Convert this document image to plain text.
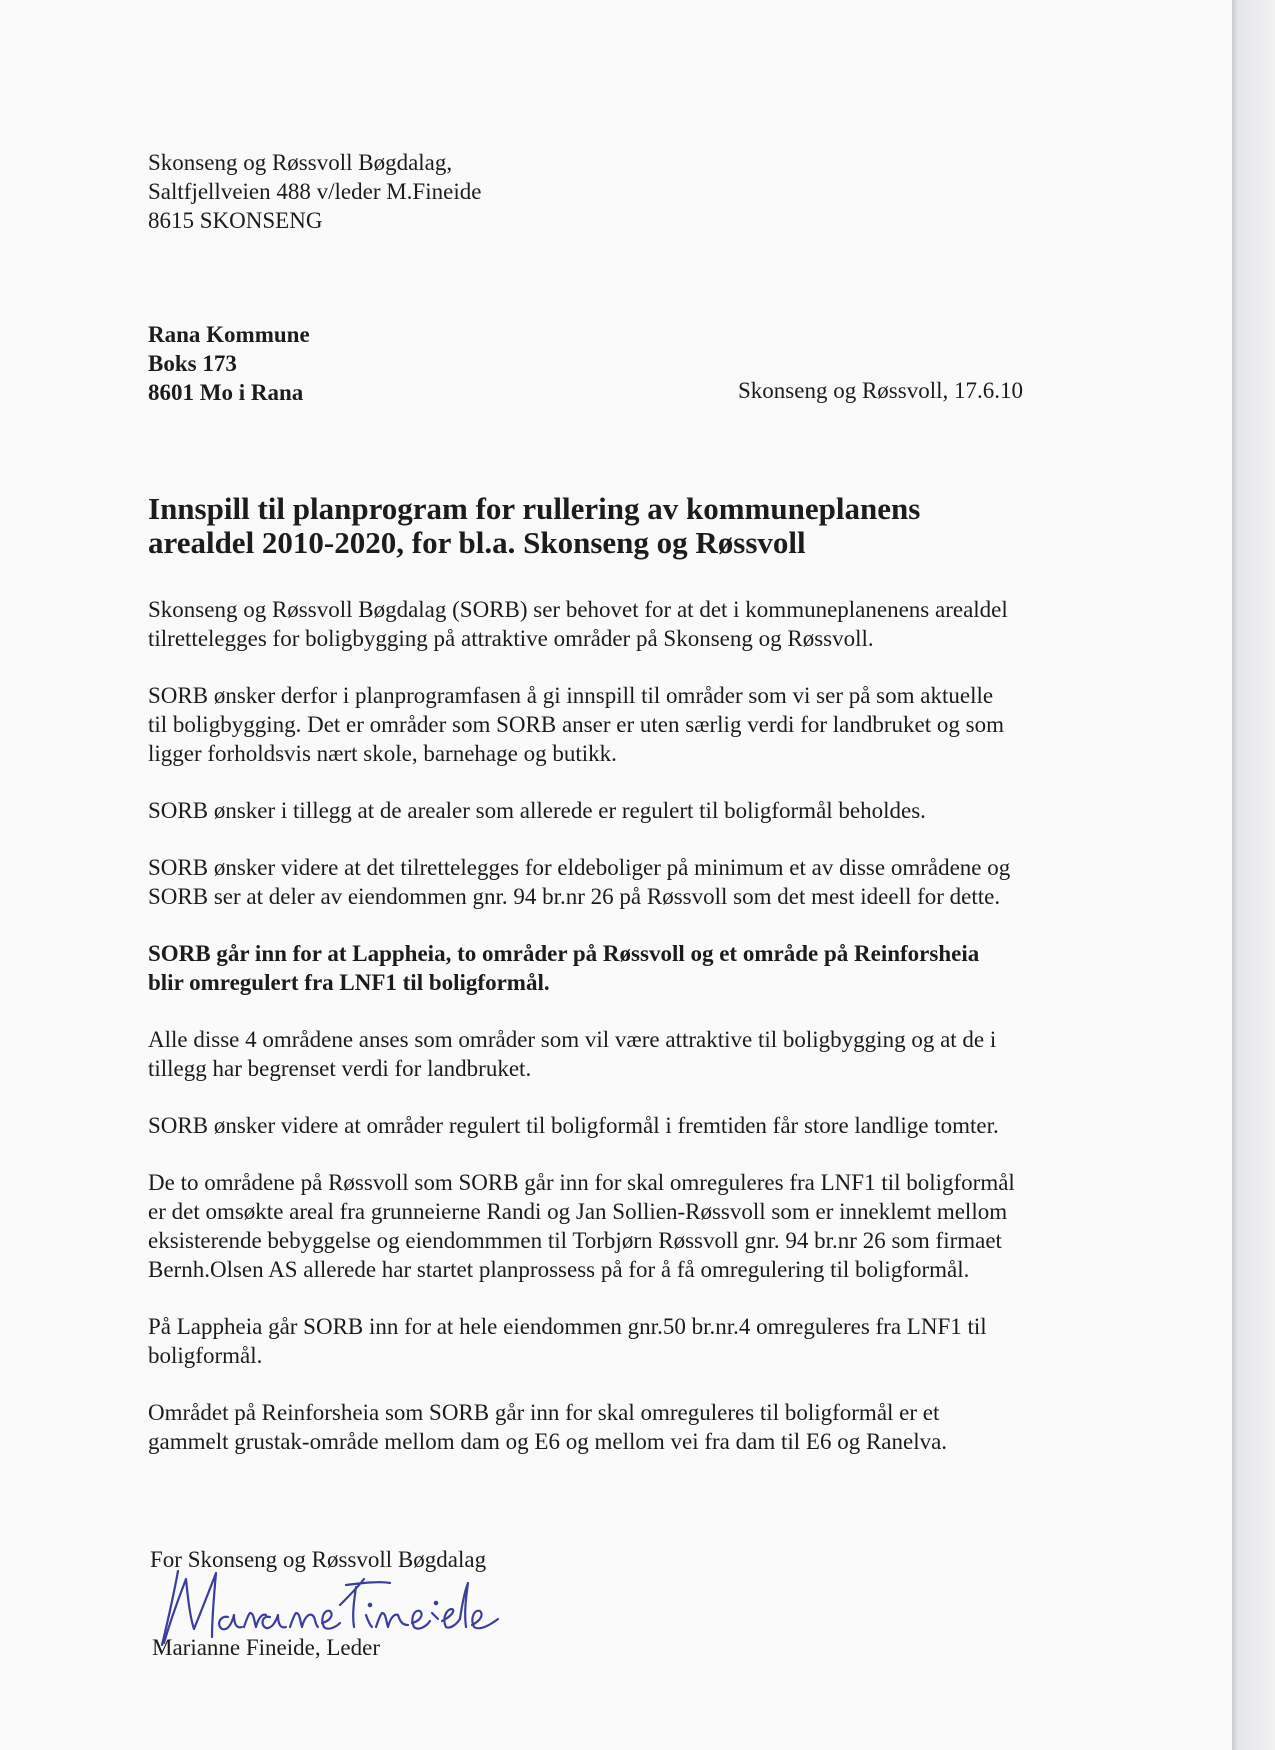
Skonseng og Røssvoll Bøgdalag,
Saltfjellveien 488 v/leder M.Fineide
8615 SKONSENG
Rana Kommune
Boks 173
8601 Mo i Rana	Skonseng og Røssvoll, 17.6.10
Innspill til planprogram for rullering av kommuneplanens
arealdel 2010-2020, for bl.a. Skonseng og Røssvoll

Skonseng og Røssvoll Bøgdalag (SORB) ser behovet for at det i kommuneplanenens arealdel
tilrettelegges for boligbygging på attraktive områder på Skonseng og Røssvoll.

SORB ønsker derfor i planprogramfasen å gi innspill til områder som vi ser på som aktuelle
til boligbygging. Det er områder som SORB anser er uten særlig verdi for landbruket og som
ligger forholdsvis nært skole, barnehage og butikk.

SORB ønsker i tillegg at de arealer som allerede er regulert til boligformål beholdes.

SORB ønsker videre at det tilrettelegges for eldeboliger på minimum et av disse områdene og
SORB ser at deler av eiendommen gnr. 94 br.nr 26 på Røssvoll som det mest ideell for dette.

SORB går inn for at Lappheia, to områder på Røssvoll og et område på Reinforsheia
blir omregulert fra LNF1 til boligformål.

Alle disse 4 områdene anses som områder som vil være attraktive til boligbygging og at de i
tillegg har begrenset verdi for landbruket.

SORB ønsker videre at områder regulert til boligformål i fremtiden får store landlige tomter.

De to områdene på Røssvoll som SORB går inn for skal omreguleres fra LNF1 til boligformål
er det omsøkte areal fra grunneierne Randi og Jan Sollien-Røssvoll som er inneklemt mellom
eksisterende bebyggelse og eiendommmen til Torbjørn Røssvoll gnr. 94 br.nr 26 som firmaet
Bernh.Olsen AS allerede har startet planprossess på for å få omregulering til boligformål.

På Lappheia går SORB inn for at hele eiendommen gnr.50 br.nr.4 omreguleres fra LNF1 til
boligformål.

Området på Reinforsheia som SORB går inn for skal omreguleres til boligformål er et
gammelt grustak-område mellom dam og E6 og mellom vei fra dam til E6 og Ranelva.

For Skonseng og Røssvoll Bøgdalag
Marianne Fineide, Leder
